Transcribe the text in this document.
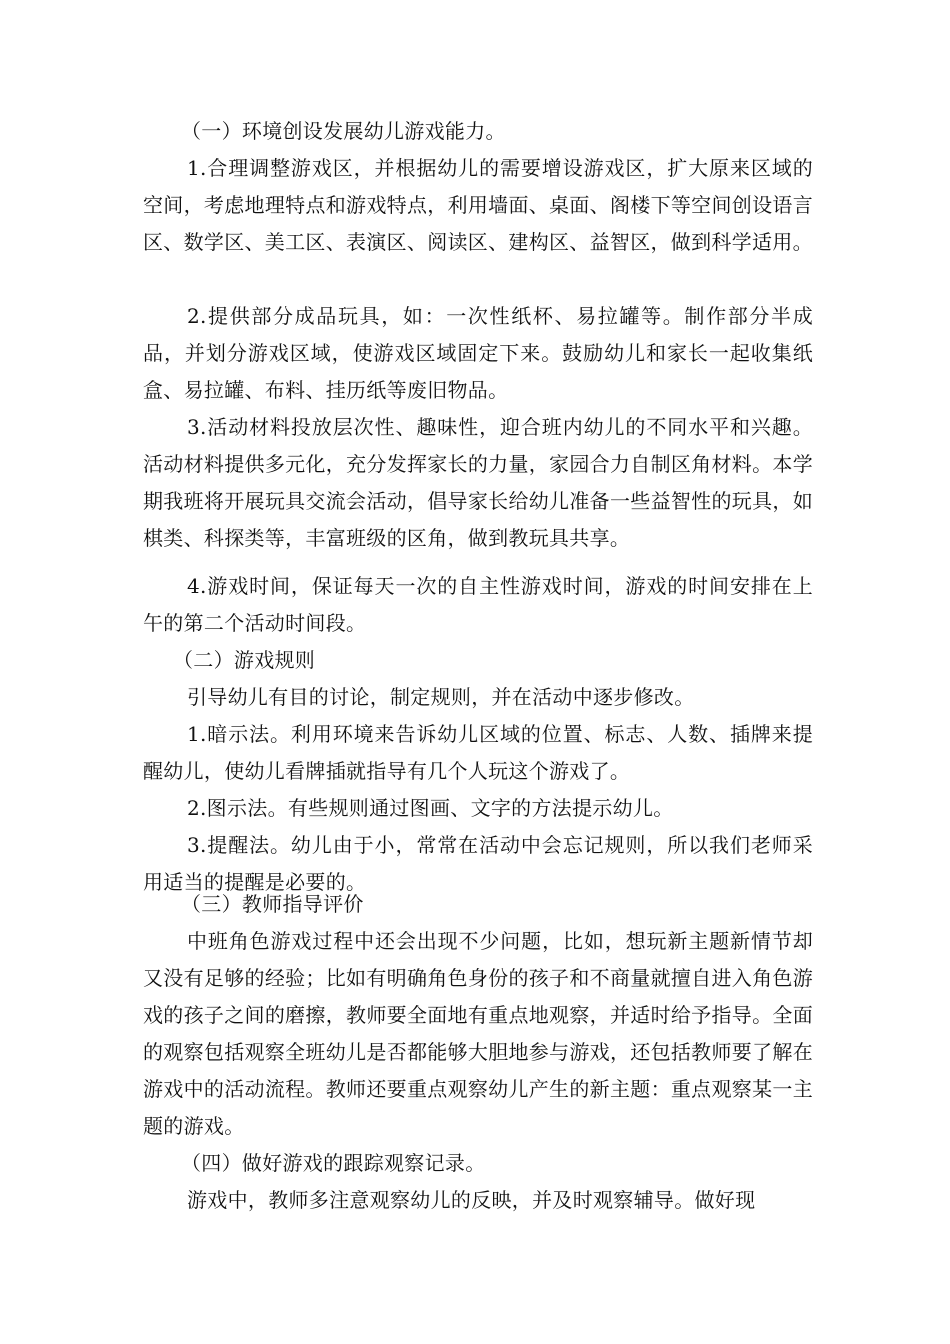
（一）环境创设发展幼儿游戏能力。

1.合理调整游戏区，并根据幼儿的需要增设游戏区，扩大原来区域的空间，考虑地理特点和游戏特点，利用墙面、桌面、阁楼下等空间创设语言区、数学区、美工区、表演区、阅读区、建构区、益智区，做到科学适用。

2.提供部分成品玩具，如：一次性纸杯、易拉罐等。制作部分半成品，并划分游戏区域，使游戏区域固定下来。鼓励幼儿和家长一起收集纸盒、易拉罐、布料、挂历纸等废旧物品。

3.活动材料投放层次性、趣味性，迎合班内幼儿的不同水平和兴趣。活动材料提供多元化，充分发挥家长的力量，家园合力自制区角材料。本学期我班将开展玩具交流会活动，倡导家长给幼儿准备一些益智性的玩具，如棋类、科探类等，丰富班级的区角，做到教玩具共享。

4.游戏时间，保证每天一次的自主性游戏时间，游戏的时间安排在上午的第二个活动时间段。

（二）游戏规则

引导幼儿有目的讨论，制定规则，并在活动中逐步修改。

1.暗示法。利用环境来告诉幼儿区域的位置、标志、人数、插牌来提醒幼儿，使幼儿看牌插就指导有几个人玩这个游戏了。

2.图示法。有些规则通过图画、文字的方法提示幼儿。

3.提醒法。幼儿由于小，常常在活动中会忘记规则，所以我们老师采用适当的提醒是必要的。

（三）教师指导评价

中班角色游戏过程中还会出现不少问题，比如，想玩新主题新情节却又没有足够的经验；比如有明确角色身份的孩子和不商量就擅自进入角色游戏的孩子之间的磨擦，教师要全面地有重点地观察，并适时给予指导。全面的观察包括观察全班幼儿是否都能够大胆地参与游戏，还包括教师要了解在游戏中的活动流程。教师还要重点观察幼儿产生的新主题：重点观察某一主题的游戏。

（四）做好游戏的跟踪观察记录。

游戏中，教师多注意观察幼儿的反映，并及时观察辅导。做好现
